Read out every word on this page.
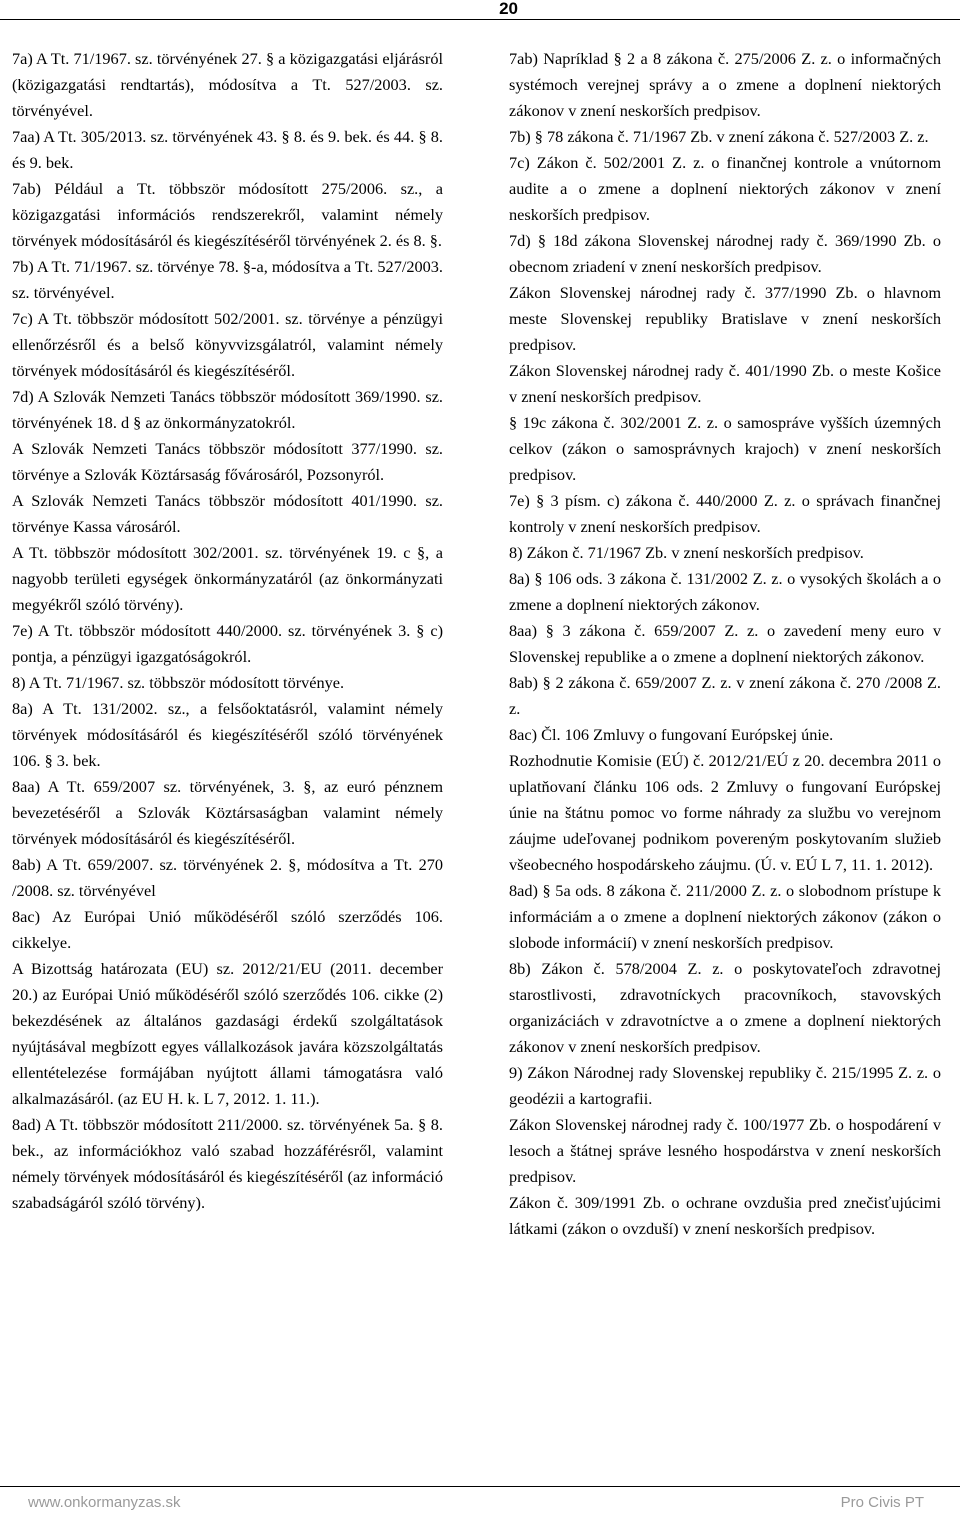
20

7a) A Tt. 71/1967. sz. törvényének 27. § a közigazgatási eljárásról (közigazgatási rendtartás), módosítva a Tt. 527/2003. sz. törvényével.

7aa) A Tt. 305/2013. sz. törvényének 43. § 8. és 9. bek. és 44. § 8. és 9. bek.

7ab) Például a Tt. többször módosított 275/2006. sz., a közigazgatási információs rendszerekről, valamint némely törvények módosításáról és kiegészítéséről törvényének 2. és 8. §.

7b) A Tt. 71/1967. sz. törvénye 78. §-a, módosítva a Tt. 527/2003. sz. törvényével.

7c) A Tt. többször módosított 502/2001. sz. törvénye a pénzügyi ellenőrzésről és a belső könyvvizsgálatról, valamint némely törvények módosításáról és kiegészítéséről.

7d) A Szlovák Nemzeti Tanács többször módosított 369/1990. sz. törvényének 18. d § az önkormányzatokról.

A Szlovák Nemzeti Tanács többször módosított 377/1990. sz. törvénye a Szlovák Köztársaság fővárosáról, Pozsonyról.

A Szlovák Nemzeti Tanács többször módosított 401/1990. sz. törvénye Kassa városáról.

A Tt. többször módosított 302/2001. sz. törvényének 19. c §, a nagyobb területi egységek önkormányzatáról (az önkormányzati megyékről szóló törvény).

7e) A Tt. többször módosított 440/2000. sz. törvényének 3. § c) pontja, a pénzügyi igazgatóságokról.

8) A Tt. 71/1967. sz. többször módosított törvénye.

8a) A Tt. 131/2002. sz., a felsőoktatásról, valamint némely törvények módosításáról és kiegészítéséről szóló törvényének 106. § 3. bek.

8aa) A Tt. 659/2007 sz. törvényének, 3. §, az euró pénznem bevezetéséről a Szlovák Köztársaságban valamint némely törvények módosításáról és kiegészítéséről.

8ab) A Tt. 659/2007. sz. törvényének 2. §, módosítva a Tt. 270 /2008. sz. törvényével

8ac) Az Európai Unió működéséről szóló szerződés 106. cikkelye.

A Bizottság határozata (EU) sz. 2012/21/EU (2011. december 20.) az Európai Unió működéséről szóló szerződés 106. cikke (2) bekezdésének az általános gazdasági érdekű szolgáltatások nyújtásával megbízott egyes vállalkozások javára közszolgáltatás ellentételezése formájában nyújtott állami támogatásra való alkalmazásáról. (az EU H. k. L 7, 2012. 1. 11.).

8ad) A Tt. többször módosított 211/2000. sz. törvényének 5a. § 8. bek., az információkhoz való szabad hozzáférésről, valamint némely törvények módosításáról és kiegészítéséről (az információ szabadságáról szóló törvény).

7ab) Napríklad § 2 a 8 zákona č. 275/2006 Z. z. o informačných systémoch verejnej správy a o zmene a doplnení niektorých zákonov v znení neskorších predpisov.

7b) § 78 zákona č. 71/1967 Zb. v znení zákona č. 527/2003 Z. z.

7c) Zákon č. 502/2001 Z. z. o finančnej kontrole a vnútornom audite a o zmene a doplnení niektorých zákonov v znení neskorších predpisov.

7d) § 18d zákona Slovenskej národnej rady č. 369/1990 Zb. o obecnom zriadení v znení neskorších predpisov.

Zákon Slovenskej národnej rady č. 377/1990 Zb. o hlavnom meste Slovenskej republiky Bratislave v znení neskorších predpisov.

Zákon Slovenskej národnej rady č. 401/1990 Zb. o meste Košice v znení neskorších predpisov.

§ 19c zákona č. 302/2001 Z. z. o samospráve vyšších územných celkov (zákon o samosprávnych krajoch) v znení neskorších predpisov.

7e) § 3 písm. c) zákona č. 440/2000 Z. z. o správach finančnej kontroly v znení neskorších predpisov.

8) Zákon č. 71/1967 Zb. v znení neskorších predpisov.

8a) § 106 ods. 3 zákona č. 131/2002 Z. z. o vysokých školách a o zmene a doplnení niektorých zákonov.

8aa) § 3 zákona č. 659/2007 Z. z. o zavedení meny euro v Slovenskej republike a o zmene a doplnení niektorých zákonov.

8ab) § 2 zákona č. 659/2007 Z. z. v znení zákona č. 270 /2008 Z. z.

8ac) Čl. 106 Zmluvy o fungovaní Európskej únie.

Rozhodnutie Komisie (EÚ) č. 2012/21/EÚ z 20. decembra 2011 o uplatňovaní článku 106 ods. 2 Zmluvy o fungovaní Európskej únie na štátnu pomoc vo forme náhrady za službu vo verejnom záujme udeľovanej podnikom povereným poskytovaním služieb všeobecného hospodárskeho záujmu. (Ú. v. EÚ L 7, 11. 1. 2012).

8ad) § 5a ods. 8 zákona č. 211/2000 Z. z. o slobodnom prístupe k informáciám a o zmene a doplnení niektorých zákonov (zákon o slobode informácií) v znení neskorších predpisov.

8b) Zákon č. 578/2004 Z. z. o poskytovateľoch zdravotnej starostlivosti, zdravotníckych pracovníkoch, stavovských organizáciách v zdravotníctve a o zmene a doplnení niektorých zákonov v znení neskorších predpisov.

9) Zákon Národnej rady Slovenskej republiky č. 215/1995 Z. z. o geodézii a kartografii.

Zákon Slovenskej národnej rady č. 100/1977 Zb. o hospodárení v lesoch a štátnej správe lesného hospodárstva v znení neskorších predpisov.

Zákon č. 309/1991 Zb. o ochrane ovzdušia pred znečisťujúcimi látkami (zákon o ovzduší) v znení neskorších predpisov.

www.onkormanyzas.sk	Pro Civis PT
